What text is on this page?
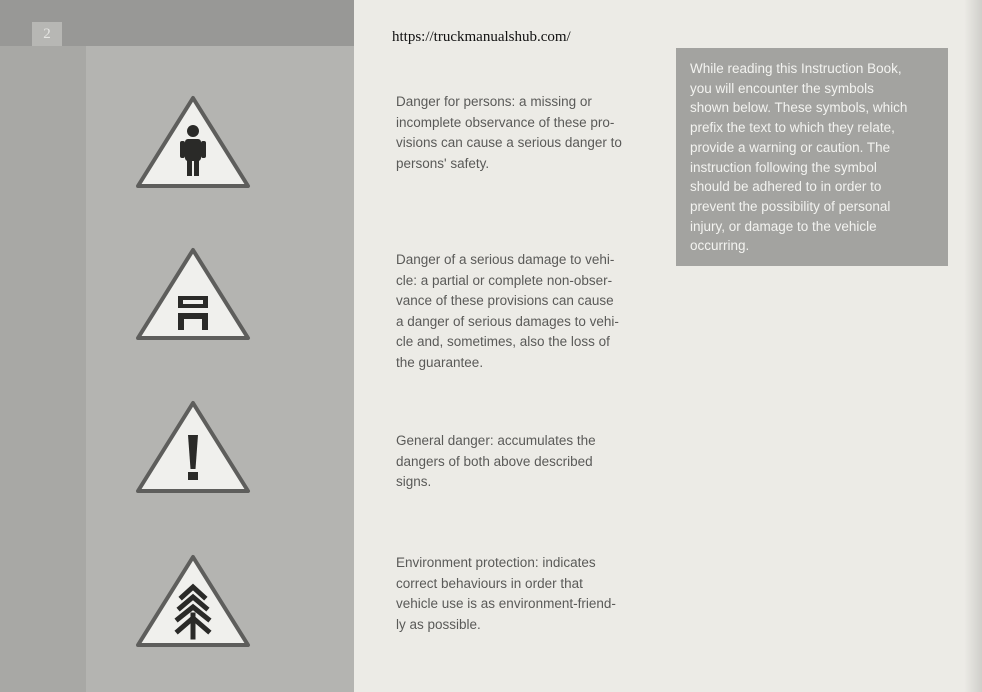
2	https://truckmanualshub.com/

Danger for persons: a missing or
incomplete observance of these pro-
visions can cause a serious danger to
persons' safety.

Danger of a serious damage to vehi-
cle: a partial or complete non-obser-
vance of these provisions can cause
a danger of serious damages to vehi-
cle and, sometimes, also the loss of
the guarantee.

General danger: accumulates the
dangers of both above described
signs.

Environment protection: indicates
correct behaviours in order that
vehicle use is as environment-friend-
ly as possible.

While reading this Instruction Book,
you will encounter the symbols
shown below. These symbols, which
prefix the text to which they relate,
provide a warning or caution. The
instruction following the symbol
should be adhered to in order to
prevent the possibility of personal
injury, or damage to the vehicle
occurring.
